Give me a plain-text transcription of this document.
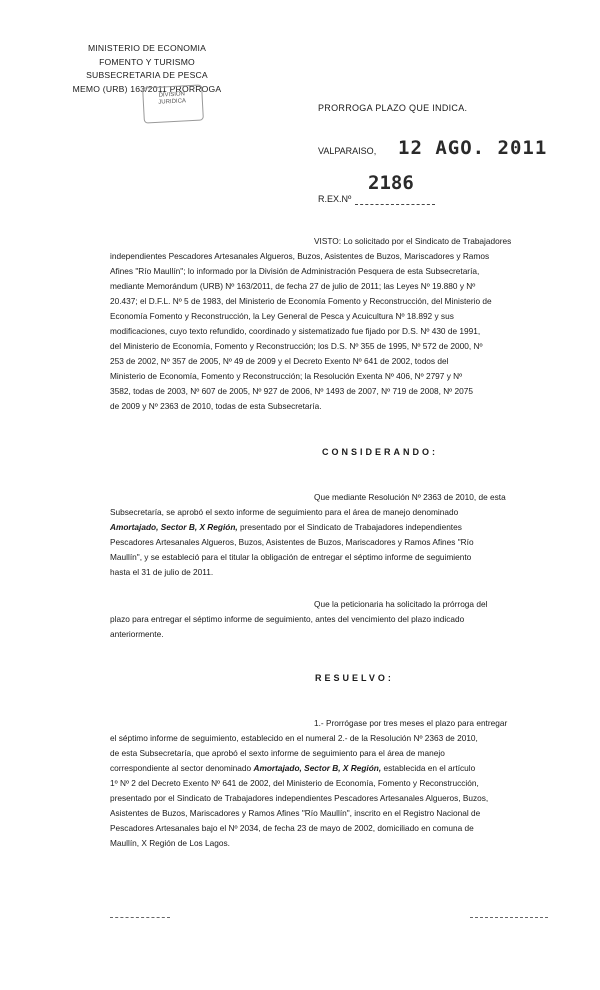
MINISTERIO DE ECONOMIA
FOMENTO Y TURISMO
SUBSECRETARIA DE PESCA
MEMO (URB) 163/2011 PRORROGA
DIVISION
JURIDICA
PRORROGA PLAZO QUE INDICA.
VALPARAISO, 12 AGO. 2011
2186
R.EX.Nº
VISTO: Lo solicitado por el Sindicato de Trabajadores
independientes Pescadores Artesanales Algueros, Buzos, Asistentes de Buzos, Mariscadores y Ramos
Afines "Río Maullín"; lo informado por la División de Administración Pesquera de esta Subsecretaría,
mediante Memorándum (URB) Nº 163/2011, de fecha 27 de julio de 2011; las Leyes Nº 19.880 y Nº
20.437; el D.F.L. Nº 5 de 1983, del Ministerio de Economía Fomento y Reconstrucción, del Ministerio de
Economía Fomento y Reconstrucción, la Ley General de Pesca y Acuicultura Nº 18.892 y sus
modificaciones, cuyo texto refundido, coordinado y sistematizado fue fijado por D.S. Nº 430 de 1991,
del Ministerio de Economía, Fomento y Reconstrucción; los D.S. Nº 355 de 1995, Nº 572 de 2000, Nº
253 de 2002, Nº 357 de 2005, Nº 49 de 2009 y el Decreto Exento Nº 641 de 2002, todos del
Ministerio de Economía, Fomento y Reconstrucción; la Resolución Exenta Nº 406, Nº 2797 y Nº
3582, todas de 2003, Nº 607 de 2005, Nº 927 de 2006, Nº 1493 de 2007, Nº 719 de 2008, Nº 2075
de 2009 y Nº 2363 de 2010, todas de esta Subsecretaría.
CONSIDERANDO:
Que mediante Resolución Nº 2363 de 2010, de esta
Subsecretaría, se aprobó el sexto informe de seguimiento para el área de manejo denominado
Amortajado, Sector B, X Región, presentado por el Sindicato de Trabajadores independientes
Pescadores Artesanales Algueros, Buzos, Asistentes de Buzos, Mariscadores y Ramos Afines "Río
Maullín", y se estableció para el titular la obligación de entregar el séptimo informe de seguimiento
hasta el 31 de julio de 2011.
Que la peticionaria ha solicitado la prórroga del
plazo para entregar el séptimo informe de seguimiento, antes del vencimiento del plazo indicado
anteriormente.
RESUELVO:
1.- Prorrógase por tres meses el plazo para entregar
el séptimo informe de seguimiento, establecido en el numeral 2.- de la Resolución Nº 2363 de 2010,
de esta Subsecretaría, que aprobó el sexto informe de seguimiento para el área de manejo
correspondiente al sector denominado Amortajado, Sector B, X Región, establecida en el artículo
1º Nº 2 del Decreto Exento Nº 641 de 2002, del Ministerio de Economía, Fomento y Reconstrucción,
presentado por el Sindicato de Trabajadores independientes Pescadores Artesanales Algueros, Buzos,
Asistentes de Buzos, Mariscadores y Ramos Afines "Río Maullín", inscrito en el Registro Nacional de
Pescadores Artesanales bajo el Nº 2034, de fecha 23 de mayo de 2002, domiciliado en comuna de
Maullín, X Región de Los Lagos.
